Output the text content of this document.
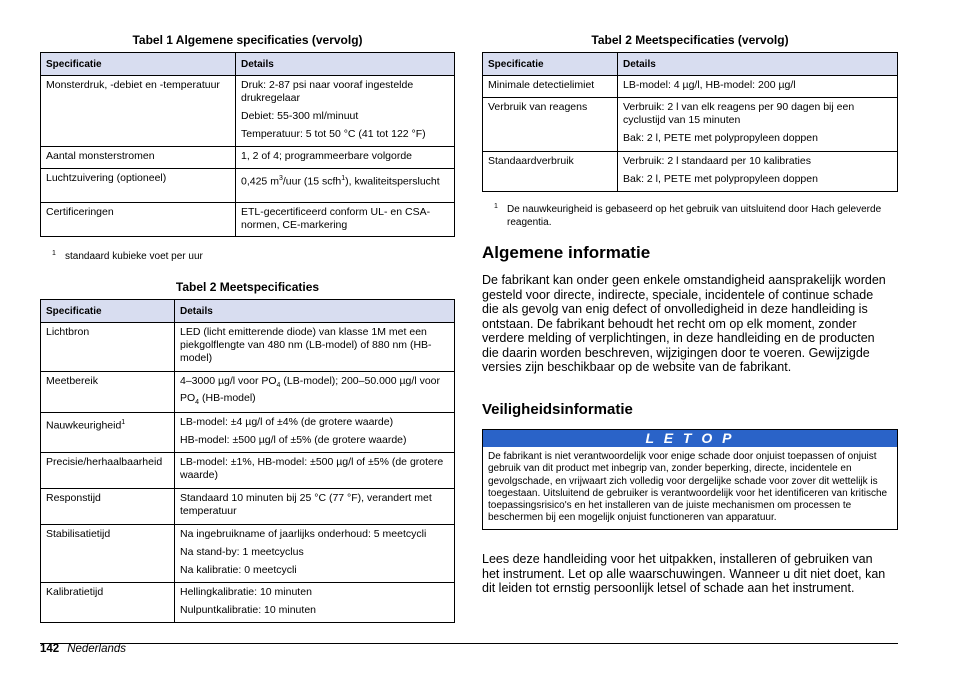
Tabel 1 Algemene specificaties (vervolg)
Specificatie	Details
Monsterdruk, -debiet en -temperatuur	Druk: 2-87 psi naar vooraf ingestelde drukregelaar

Debiet: 55-300 ml/minuut

Temperatuur: 5 tot 50 °C (41 tot 122 °F)

Aantal monsterstromen	1, 2 of 4; programmeerbare volgorde
Luchtzuivering (optioneel)	0,425 $m^3$/uur (15 scfh$^1$), kwaliteitsperslucht
Certificeringen	ETL-gecertificeerd conform UL- en CSA-normen, CE-markering
1 standaard kubieke voet per uur
Tabel 2 Meetspecificaties
Specificatie	Details
Lichtbron	LED (licht emitterende diode) van klasse 1M met een piekgolflengte van 480 nm (LB-model) of 880 nm (HB-model)
Meetbereik	4–3000 µg/l voor $PO_4$ (LB-model); 200–50.000 µg/l voor $PO_4$ (HB-model)
Nauwkeurigheid$^1$	LB-model: ±4 µg/l of ±4% (de grotere waarde)

HB-model: ±500 µg/l of ±5% (de grotere waarde)

Precisie/herhaalbaarheid	LB-model: ±1%, HB-model: ±500 µg/l of ±5% (de grotere waarde)
Responstijd	Standaard 10 minuten bij 25 °C (77 °F), verandert met temperatuur
Stabilisatietijd	Na ingebruikname of jaarlijks onderhoud: 5 meetcycli

Na stand-by: 1 meetcyclus

Na kalibratie: 0 meetcycli

Kalibratietijd	Hellingkalibratie: 10 minuten

Nulpuntkalibratie: 10 minuten

Tabel 2 Meetspecificaties (vervolg)
Specificatie	Details
Minimale detectielimiet	LB-model: 4 µg/l, HB-model: 200 µg/l
Verbruik van reagens	Verbruik: 2 l van elk reagens per 90 dagen bij een cyclustijd van 15 minuten

Bak: 2 l, PETE met polypropyleen doppen

Standaardverbruik	Verbruik: 2 l standaard per 10 kalibraties

Bak: 2 l, PETE met polypropyleen doppen

1 De nauwkeurigheid is gebaseerd op het gebruik van uitsluitend door Hach geleverde reagentia.
Algemene informatie
De fabrikant kan onder geen enkele omstandigheid aansprakelijk worden gesteld voor directe, indirecte, speciale, incidentele of continue schade die als gevolg van enig defect of onvolledigheid in deze handleiding is ontstaan. De fabrikant behoudt het recht om op elk moment, zonder verdere melding of verplichtingen, in deze handleiding en de producten die daarin worden beschreven, wijzigingen door te voeren. Gewijzigde versies zijn beschikbaar op de website van de fabrikant.
Veiligheidsinformatie
L E T O P
De fabrikant is niet verantwoordelijk voor enige schade door onjuist toepassen of onjuist gebruik van dit product met inbegrip van, zonder beperking, directe, incidentele en gevolgschade, en vrijwaart zich volledig voor dergelijke schade voor zover dit wettelijk is toegestaan. Uitsluitend de gebruiker is verantwoordelijk voor het identificeren van kritische toepassingsrisico's en het installeren van de juiste mechanismen om processen te beschermen bij een mogelijk onjuist functioneren van apparatuur.
Lees deze handleiding voor het uitpakken, installeren of gebruiken van het instrument. Let op alle waarschuwingen. Wanneer u dit niet doet, kan dit leiden tot ernstig persoonlijk letsel of schade aan het instrument.
142 Nederlands
